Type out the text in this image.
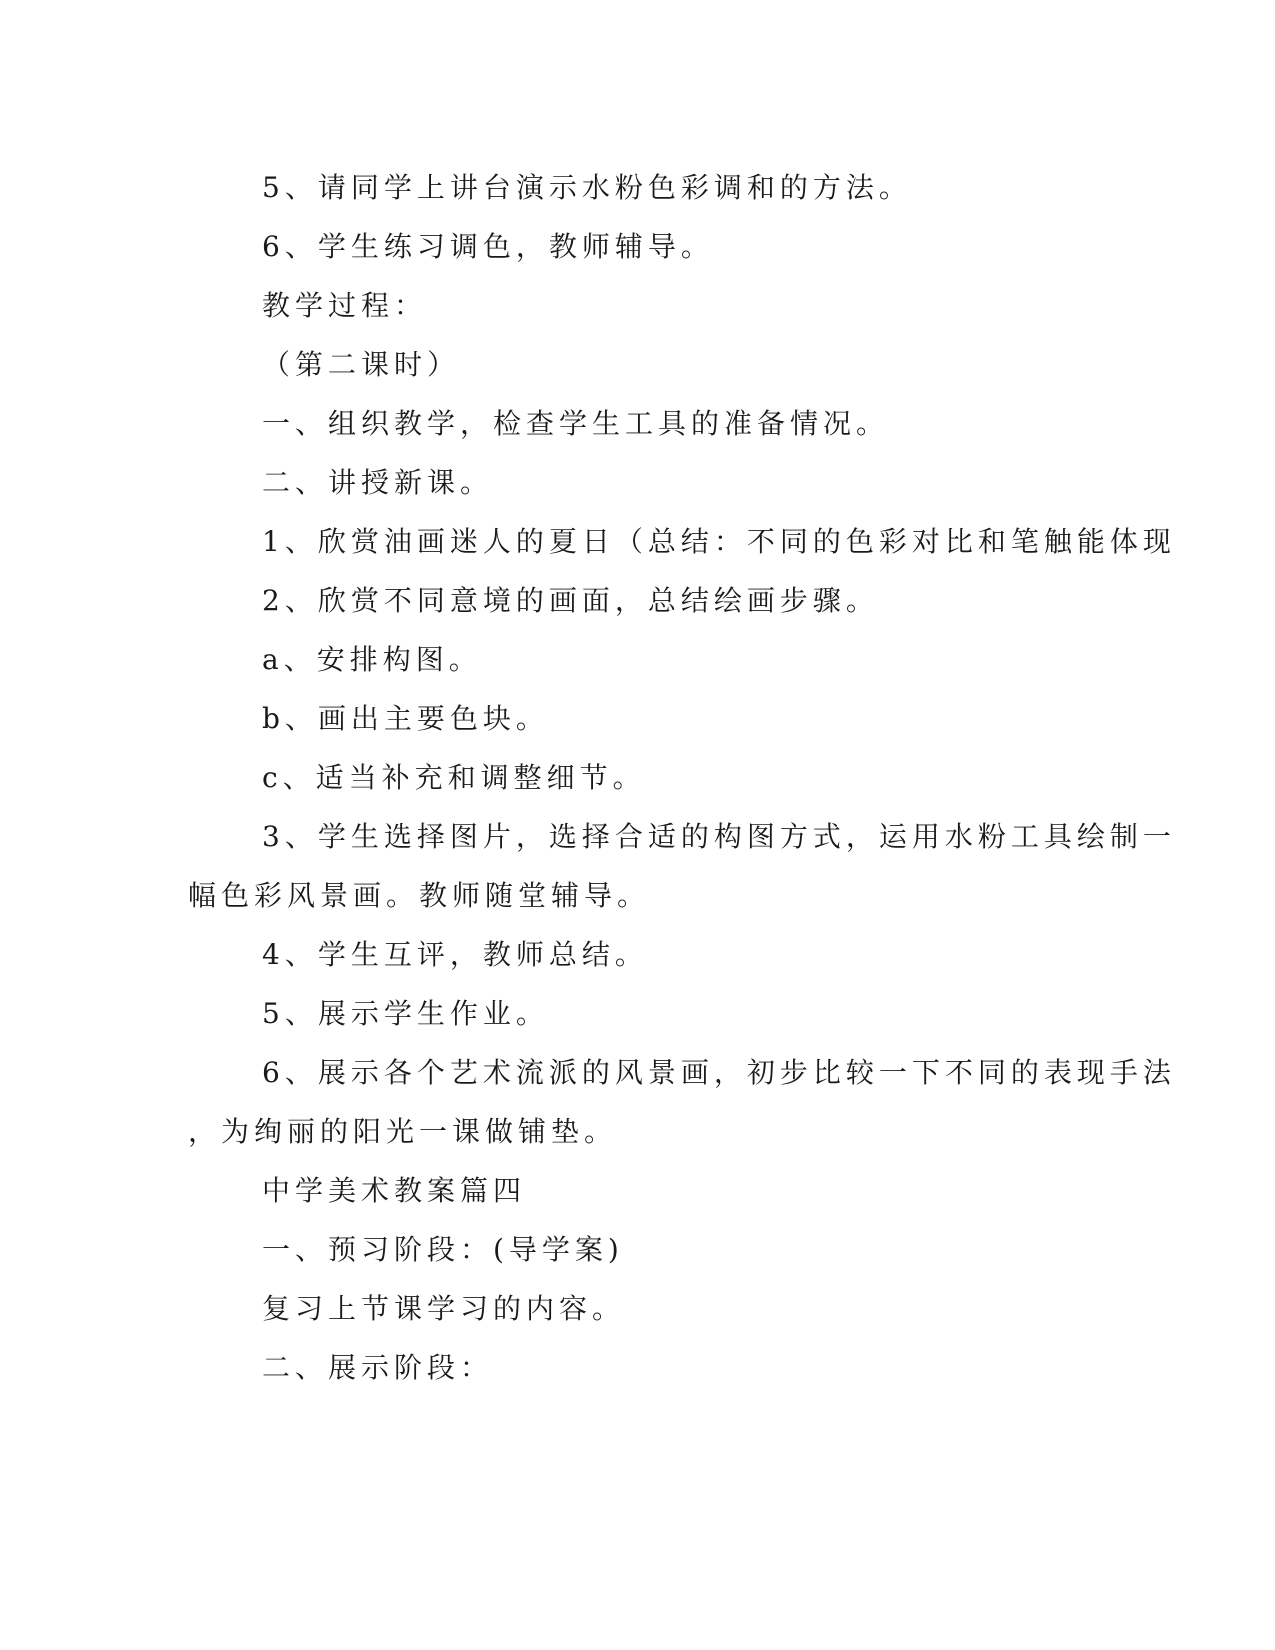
5、请同学上讲台演示水粉色彩调和的方法。
6、学生练习调色，教师辅导。
教学过程：
（第二课时）
一、组织教学，检查学生工具的准备情况。
二、讲授新课。
1、欣赏油画迷人的夏日（总结：不同的色彩对比和笔触能体现
2、欣赏不同意境的画面，总结绘画步骤。
a、安排构图。
b、画出主要色块。
c、适当补充和调整细节。
3、学生选择图片，选择合适的构图方式，运用水粉工具绘制一
幅色彩风景画。教师随堂辅导。
4、学生互评，教师总结。
5、展示学生作业。
6、展示各个艺术流派的风景画，初步比较一下不同的表现手法
，为绚丽的阳光一课做铺垫。
中学美术教案篇四
一、预习阶段：(导学案)
复习上节课学习的内容。
二、展示阶段：
